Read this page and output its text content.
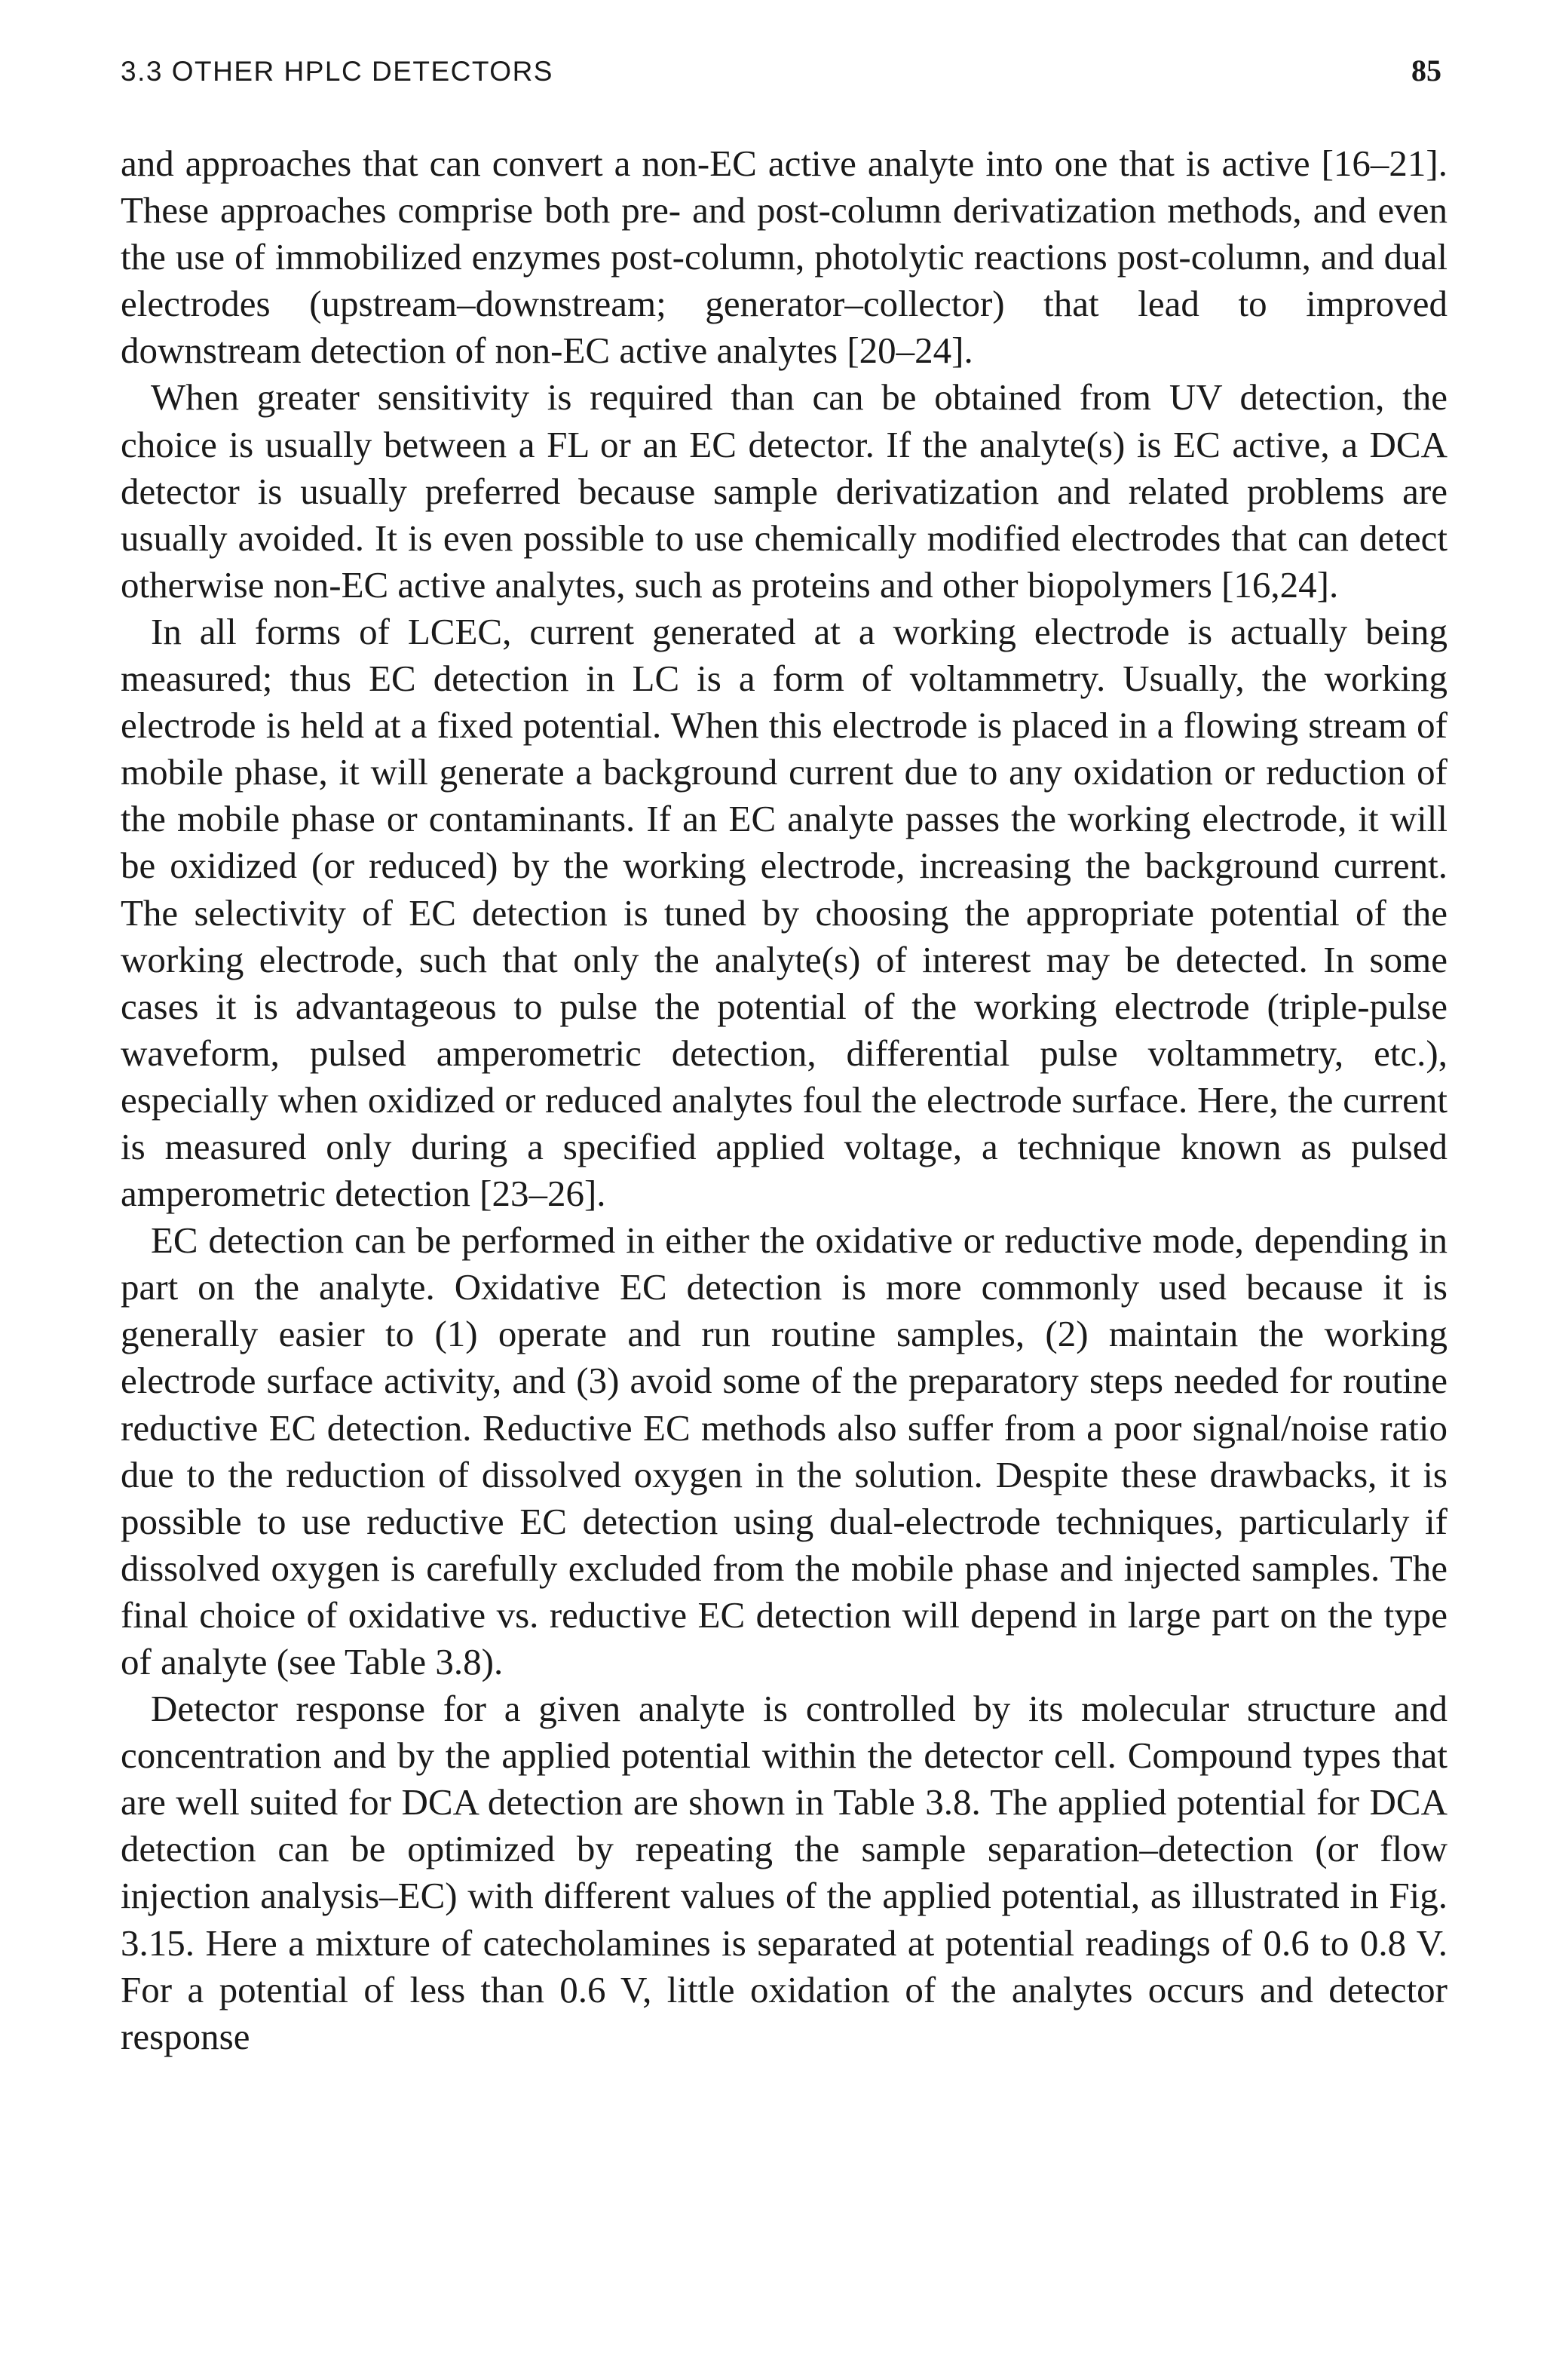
3.3 OTHER HPLC DETECTORS	85

and approaches that can convert a non-EC active analyte into one that is active [16–21]. These approaches comprise both pre- and post-column derivatization methods, and even the use of immobilized enzymes post-column, photolytic reactions post-column, and dual electrodes (upstream–downstream; generator–collector) that lead to improved downstream detection of non-EC active analytes [20–24].

When greater sensitivity is required than can be obtained from UV detection, the choice is usually between a FL or an EC detector. If the analyte(s) is EC active, a DCA detector is usually preferred because sample derivatization and related problems are usually avoided. It is even possible to use chemically modified electrodes that can detect otherwise non-EC active analytes, such as proteins and other biopolymers [16,24].

In all forms of LCEC, current generated at a working electrode is actually being measured; thus EC detection in LC is a form of voltammetry. Usually, the working electrode is held at a fixed potential. When this electrode is placed in a flowing stream of mobile phase, it will generate a background current due to any oxidation or reduction of the mobile phase or contaminants. If an EC analyte passes the working electrode, it will be oxidized (or reduced) by the working electrode, increasing the background current. The selectivity of EC detection is tuned by choosing the appropriate potential of the working electrode, such that only the analyte(s) of interest may be detected. In some cases it is advantageous to pulse the potential of the working electrode (triple-​pulse waveform, pulsed amperometric detection, differential pulse voltammetry, etc.), especially when oxidized or reduced analytes foul the electrode surface. Here, the current is measured only during a specified applied voltage, a technique known as pulsed amperometric detection [23–26].

EC detection can be performed in either the oxidative or reductive mode, depending in part on the analyte. Oxidative EC detection is more commonly used because it is generally easier to (1) operate and run routine samples, (2) maintain the working electrode surface activity, and (3) avoid some of the preparatory steps needed for routine reductive EC detection. Reductive EC methods also suffer from a poor signal/noise ratio due to the reduction of dissolved oxygen in the solution. Despite these drawbacks, it is possible to use reductive EC detection using dual-electrode techniques, particularly if dissolved oxygen is carefully excluded from the mobile phase and injected samples. The final choice of oxidative vs. reductive EC detection will depend in large part on the type of analyte (see Table 3.8).

Detector response for a given analyte is controlled by its molecular structure and concentration and by the applied potential within the detector cell. Compound types that are well suited for DCA detection are shown in Table 3.8. The applied potential for DCA detection can be optimized by repeating the sample separation–detection (or flow injection analysis–EC) with different values of the applied potential, as illustrated in Fig. 3.15. Here a mixture of catecholamines is separated at potential readings of 0.6 to 0.8 V. For a potential of less than 0.6 V, little oxidation of the analytes occurs and detector response
